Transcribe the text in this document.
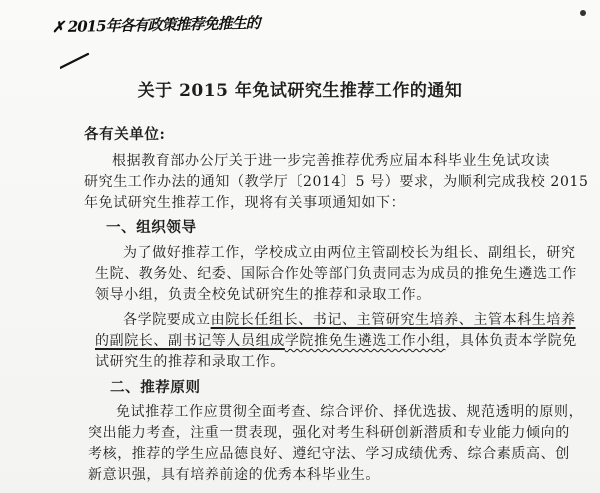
✗ 2015年各有政策推荐免推生的
关于 2015 年免试研究生推荐工作的通知
各有关单位:
根据教育部办公厅关于进一步完善推荐优秀应届本科毕业生免试攻读
研究生工作办法的通知（教学厅〔2014〕5 号）要求，为顺利完成我校 2015
年免试研究生推荐工作，现将有关事项通知如下：
一、组织领导
为了做好推荐工作，学校成立由两位主管副校长为组长、副组长，研究
生院、教务处、纪委、国际合作处等部门负责同志为成员的推免生遴选工作
领导小组，负责全校免试研究生的推荐和录取工作。
各学院要成立由院长任组长、书记、主管研究生培养、主管本科生培养
的副院长、副书记等人员组成学院推免生遴选工作小组，具体负责本学院免
试研究生的推荐和录取工作。
二、推荐原则
免试推荐工作应贯彻全面考查、综合评价、择优选拔、规范透明的原则，
突出能力考查，注重一贯表现，强化对考生科研创新潜质和专业能力倾向的
考核，推荐的学生应品德良好、遵纪守法、学习成绩优秀、综合素质高、创
新意识强，具有培养前途的优秀本科毕业生。
